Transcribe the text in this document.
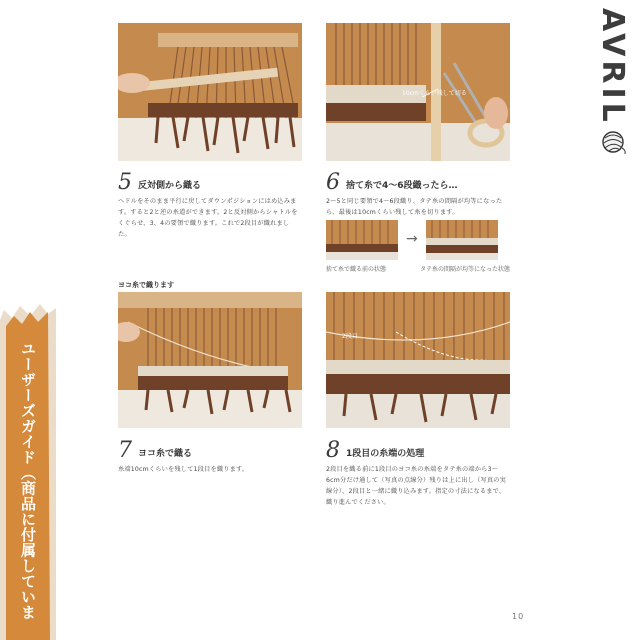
AVRIL
10cmくらい残して切る
5 反対側から織る
ヘドルをそのまま平行に戻してダウンポジションにはめ込みます。すると2と逆の糸道ができます。2と反対側からシャトルをくぐらせ、3、4の要領で織ります。これで2段目が織れました。
6 捨て糸で4〜6段織ったら…
2〜5と同じ要領で4〜6段織り、タテ糸の間隔が均等になったら、最後は10cmくらい残して糸を切ります。
→
捨て糸で織る前の状態	タテ糸の間隔が均等になった状態
ヨコ糸で織ります
2段目
7 ヨコ糸で織る
糸端10cmくらいを残して1段目を織ります。
8 1段目の糸端の処理
2段目を織る前に1段目のヨコ糸の糸端をタテ糸の端から3〜6cm分だけ通して（写真の点線分）残りは上に出し（写真の実線分）、2段目と一緒に織り込みます。指定の寸法になるまで、織り進んでください。
ユーザーズガイド（商品に付属していま	10
